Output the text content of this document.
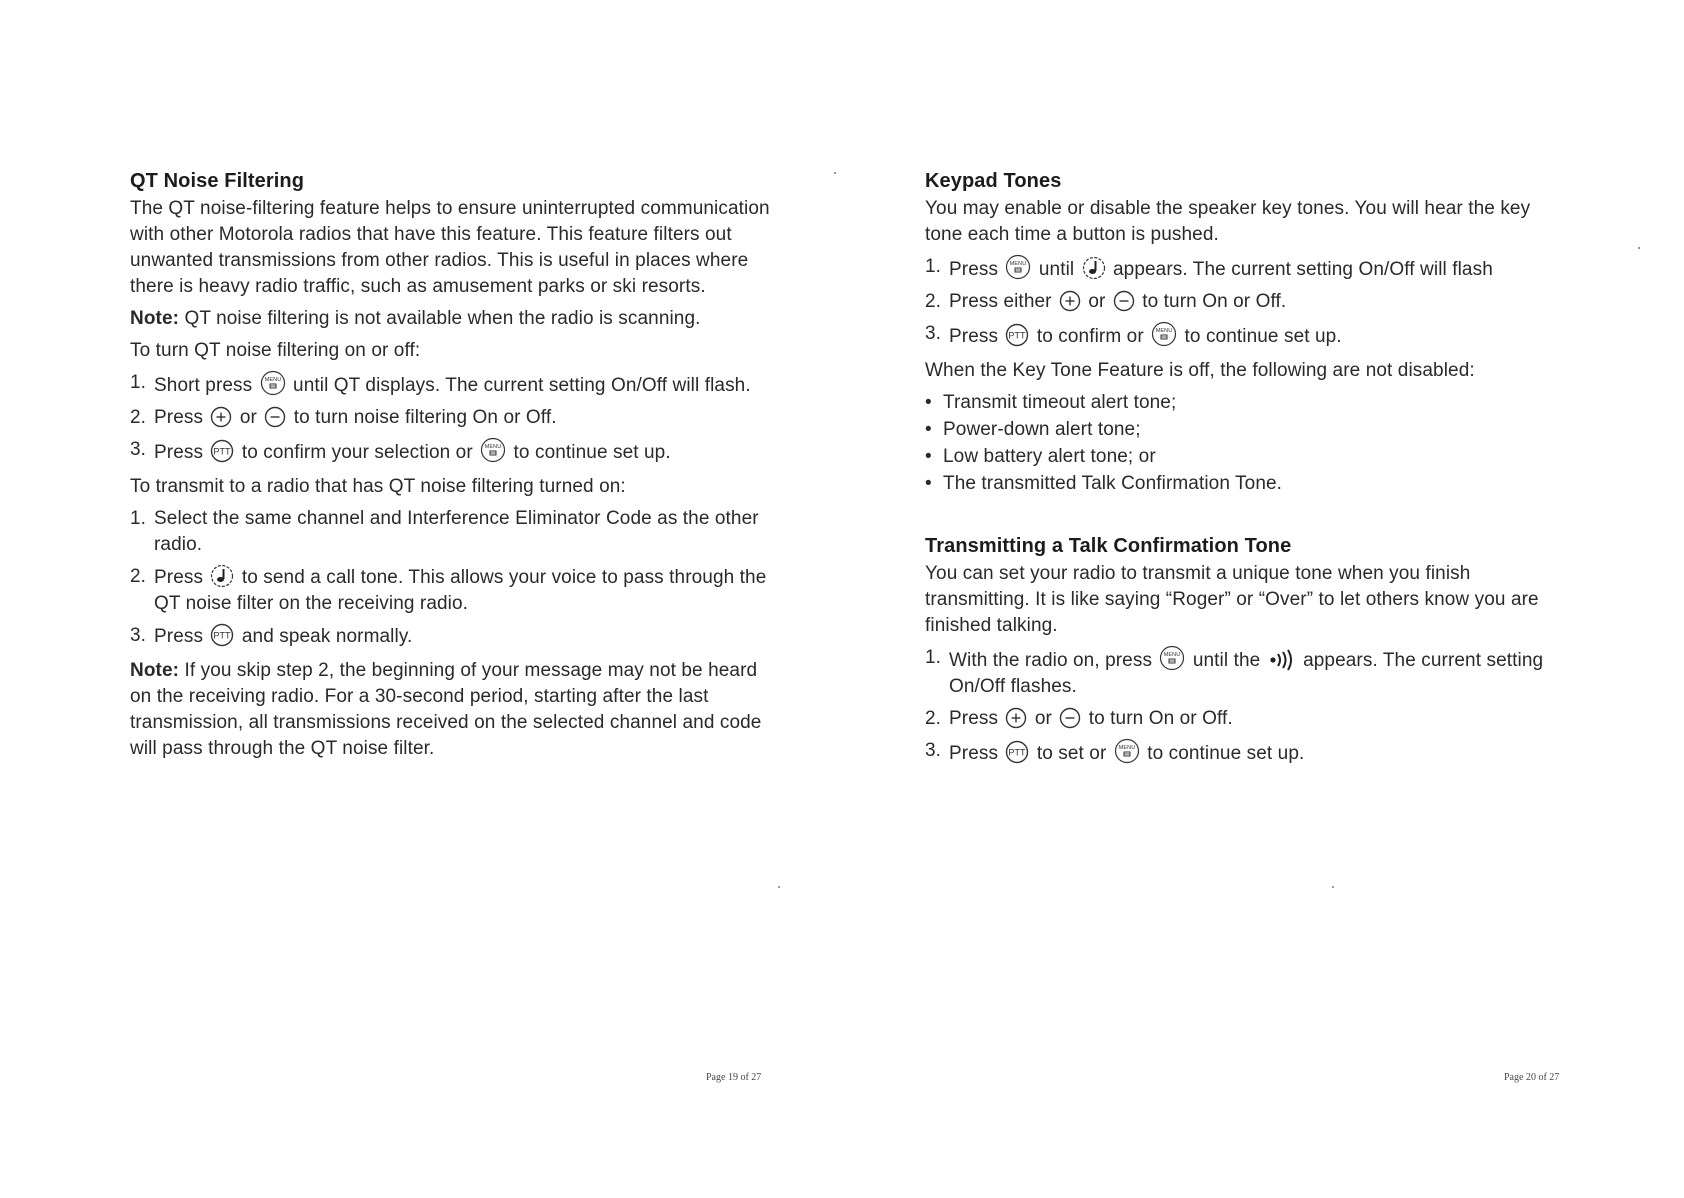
QT Noise Filtering

The QT noise-filtering feature helps to ensure uninterrupted communication with other Motorola radios that have this feature. This feature filters out unwanted transmissions from other radios. This is useful in places where there is heavy radio traffic, such as amusement parks or ski resorts.

Note: QT noise filtering is not available when the radio is scanning.

To turn QT noise filtering on or off:

1. Short press until QT displays. The current setting On/Off will flash.
2. Press or to turn noise filtering On or Off.
3. Press to confirm your selection or to continue set up.

To transmit to a radio that has QT noise filtering turned on:

1. Select the same channel and Interference Eliminator Code as the other radio.
2. Press to send a call tone. This allows your voice to pass through the QT noise filter on the receiving radio.
3. Press and speak normally.

Note: If you skip step 2, the beginning of your message may not be heard on the receiving radio. For a 30-second period, starting after the last transmission, all transmissions received on the selected channel and code will pass through the QT noise filter.

Page 19 of 27
Keypad Tones

You may enable or disable the speaker key tones. You will hear the key tone each time a button is pushed.

1. Press until appears. The current setting On/Off will flash
2. Press either or to turn On or Off.
3. Press to confirm or to continue set up.

When the Key Tone Feature is off, the following are not disabled:

• Transmit timeout alert tone;
• Power-down alert tone;
• Low battery alert tone; or
• The transmitted Talk Confirmation Tone.
Transmitting a Talk Confirmation Tone

You can set your radio to transmit a unique tone when you finish transmitting. It is like saying “Roger” or “Over” to let others know you are finished talking.

1. With the radio on, press until the appears. The current setting On/Off flashes.
2. Press or to turn On or Off.
3. Press to set or to continue set up.
Page 20 of 27
